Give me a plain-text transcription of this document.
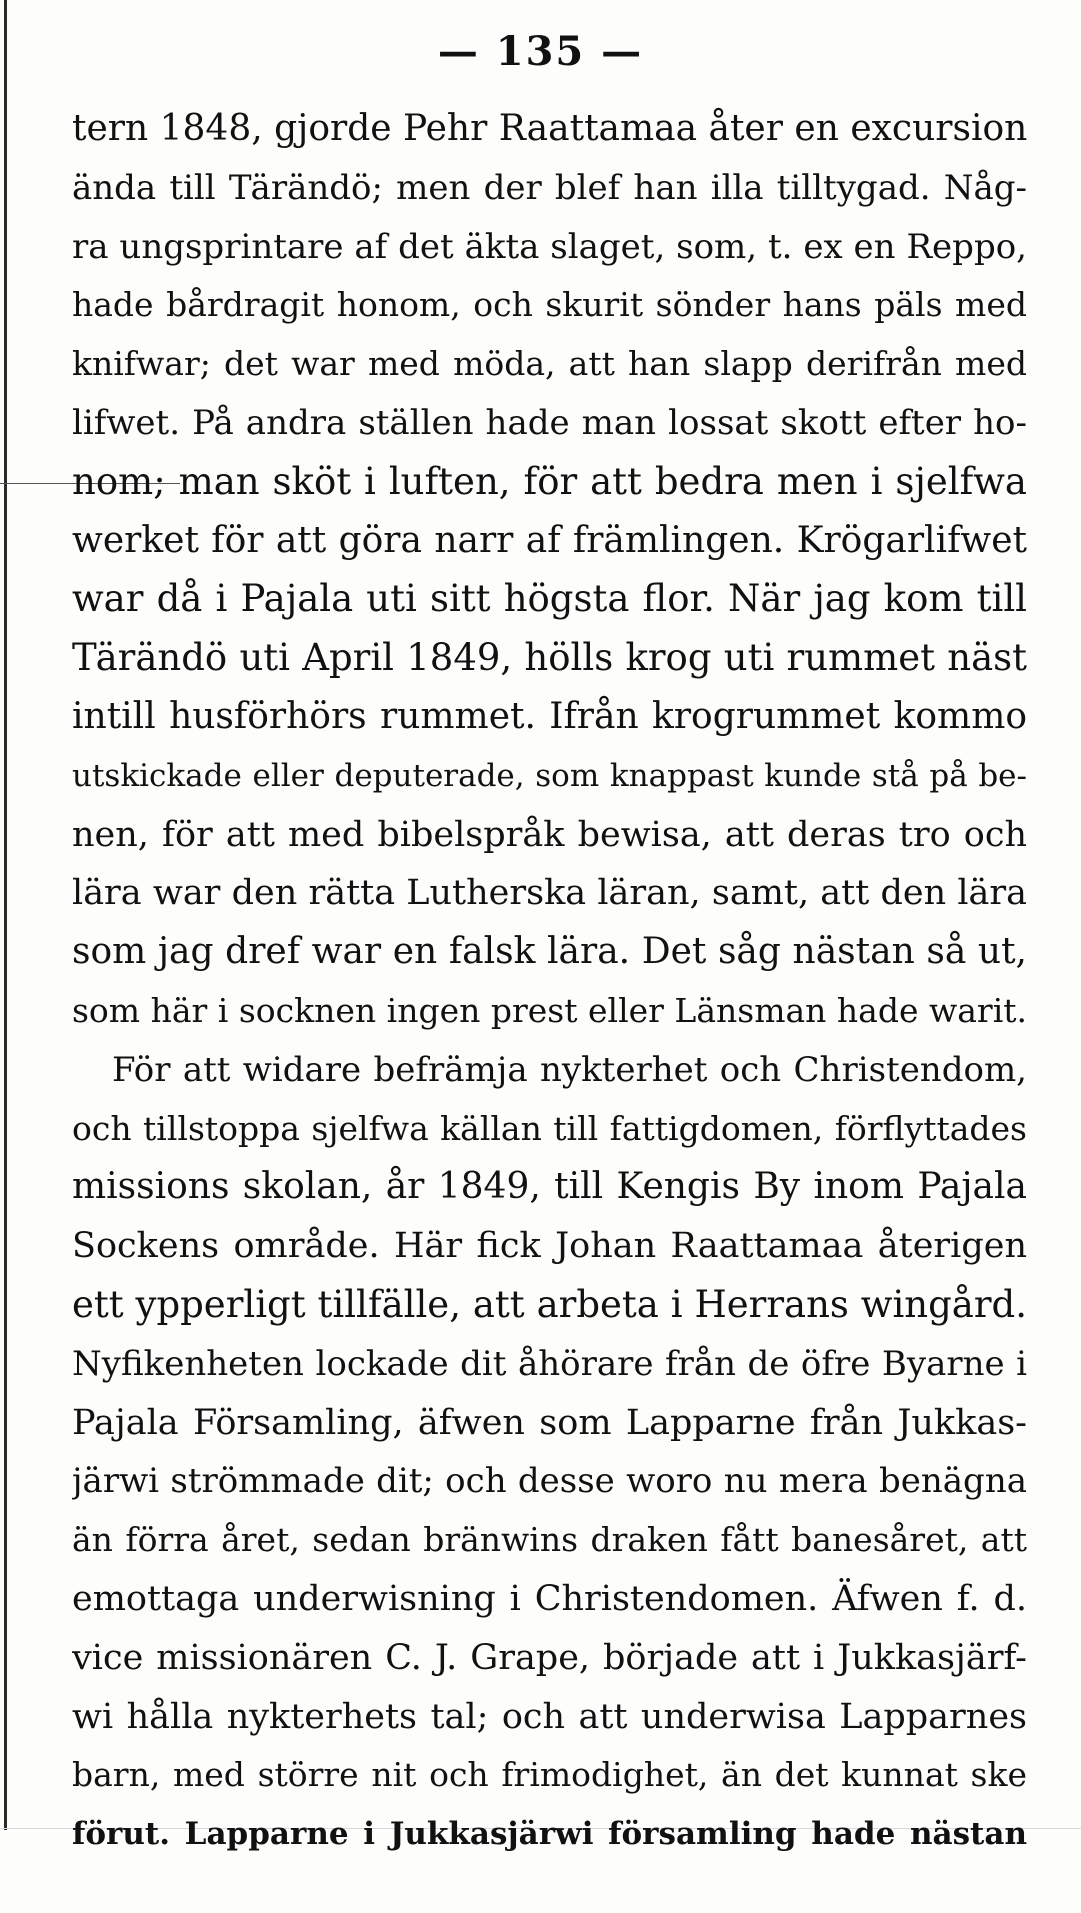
— 135 —
tern 1848, gjorde Pehr Raattamaa åter en excursion
ända till Tärändö; men der blef han illa tilltygad. Någ-
ra ungsprintare af det äkta slaget, som, t. ex en Reppo,
hade bårdragit honom, och skurit sönder hans päls med
knifwar; det war med möda, att han slapp derifrån med
lifwet. På andra ställen hade man lossat skott efter ho-
nom; man sköt i luften, för att bedra men i sjelfwa
werket för att göra narr af främlingen. Krögarlifwet
war då i Pajala uti sitt högsta flor. När jag kom till
Tärändö uti April 1849, hölls krog uti rummet näst
intill husförhörs rummet. Ifrån krogrummet kommo
utskickade eller deputerade, som knappast kunde stå på be-
nen, för att med bibelspråk bewisa, att deras tro och
lära war den rätta Lutherska läran, samt, att den lära
som jag dref war en falsk lära. Det såg nästan så ut,
som här i socknen ingen prest eller Länsman hade warit.
För att widare befrämja nykterhet och Christendom,
och tillstoppa sjelfwa källan till fattigdomen, förflyttades
missions skolan, år 1849, till Kengis By inom Pajala
Sockens område. Här fick Johan Raattamaa återigen
ett ypperligt tillfälle, att arbeta i Herrans wingård.
Nyfikenheten lockade dit åhörare från de öfre Byarne i
Pajala Församling, äfwen som Lapparne från Jukkas-
järwi strömmade dit; och desse woro nu mera benägna
än förra året, sedan bränwins draken fått banesåret, att
emottaga underwisning i Christendomen. Äfwen f. d.
vice missionären C. J. Grape, började att i Jukkasjärf-
wi hålla nykterhets tal; och att underwisa Lapparnes
barn, med större nit och frimodighet, än det kunnat ske
förut. Lapparne i Jukkasjärwi församling hade nästan
